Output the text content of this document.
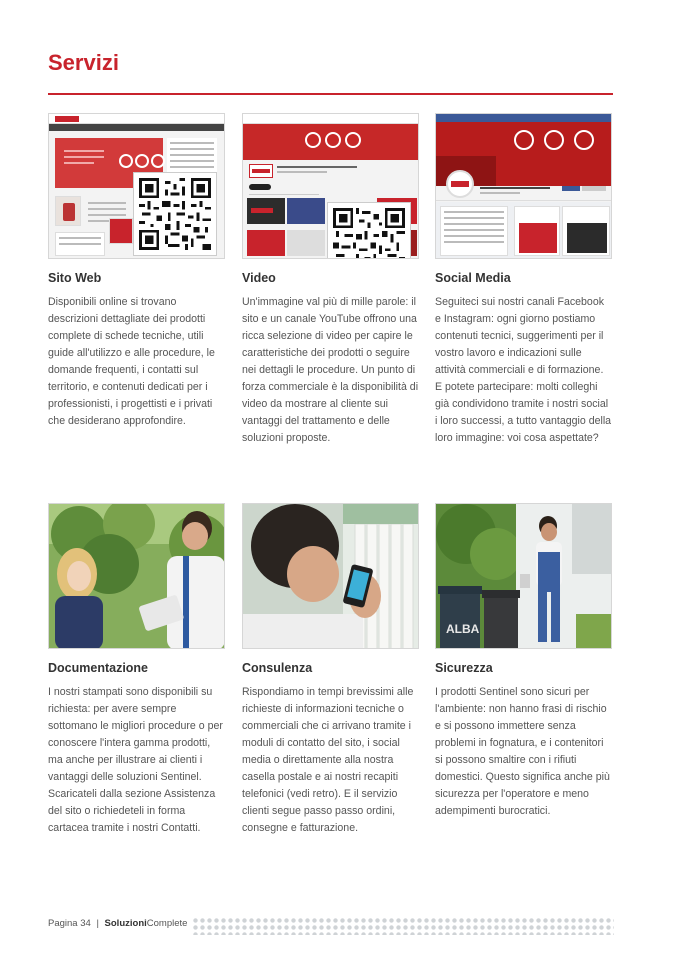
Servizi
Sito Web

Disponibili online si trovano descrizioni dettagliate dei prodotti complete di schede tecniche, utili guide all'utilizzo e alle procedure, le domande frequenti, i contatti sul territorio, e contenuti dedicati per i professionisti, i progettisti e i privati che desiderano approfondire.

Video

Un'immagine val più di mille parole: il sito e un canale YouTube offrono una ricca selezione di video per capire le caratteristiche dei prodotti o seguire nei dettagli le procedure. Un punto di forza commerciale è la disponibilità di video da mostrare al cliente sui vantaggi del trattamento e delle soluzioni proposte.

Social Media

Seguiteci sui nostri canali Facebook e Instagram: ogni giorno postiamo contenuti tecnici, suggerimenti per il vostro lavoro e indicazioni sulle attività commerciali e di formazione. E potete partecipare: molti colleghi già condividono tramite i nostri social i loro successi, a tutto vantaggio della loro immagine: voi cosa aspettate?

Documentazione

I nostri stampati sono disponibili su richiesta: per avere sempre sottomano le migliori procedure o per conoscere l'intera gamma prodotti, ma anche per illustrare ai clienti i vantaggi delle soluzioni Sentinel. Scaricateli dalla sezione Assistenza del sito o richiedeteli in forma cartacea tramite i nostri Contatti.

Consulenza

Rispondiamo in tempi brevissimi alle richieste di informazioni tecniche o commerciali che ci arrivano tramite i moduli di contatto del sito, i social media o direttamente alla nostra casella postale e ai nostri recapiti telefonici (vedi retro). E il servizio clienti segue passo passo ordini, consegne e fatturazione.

ALBA
Sicurezza

I prodotti Sentinel sono sicuri per l'ambiente: non hanno frasi di rischio e si possono immettere senza problemi in fognatura, e i contenitori si possono smaltire con i rifiuti domestici. Questo significa anche più sicurezza per l'operatore e meno adempimenti burocratici.

Pagina 34 | SoluzioniComplete
